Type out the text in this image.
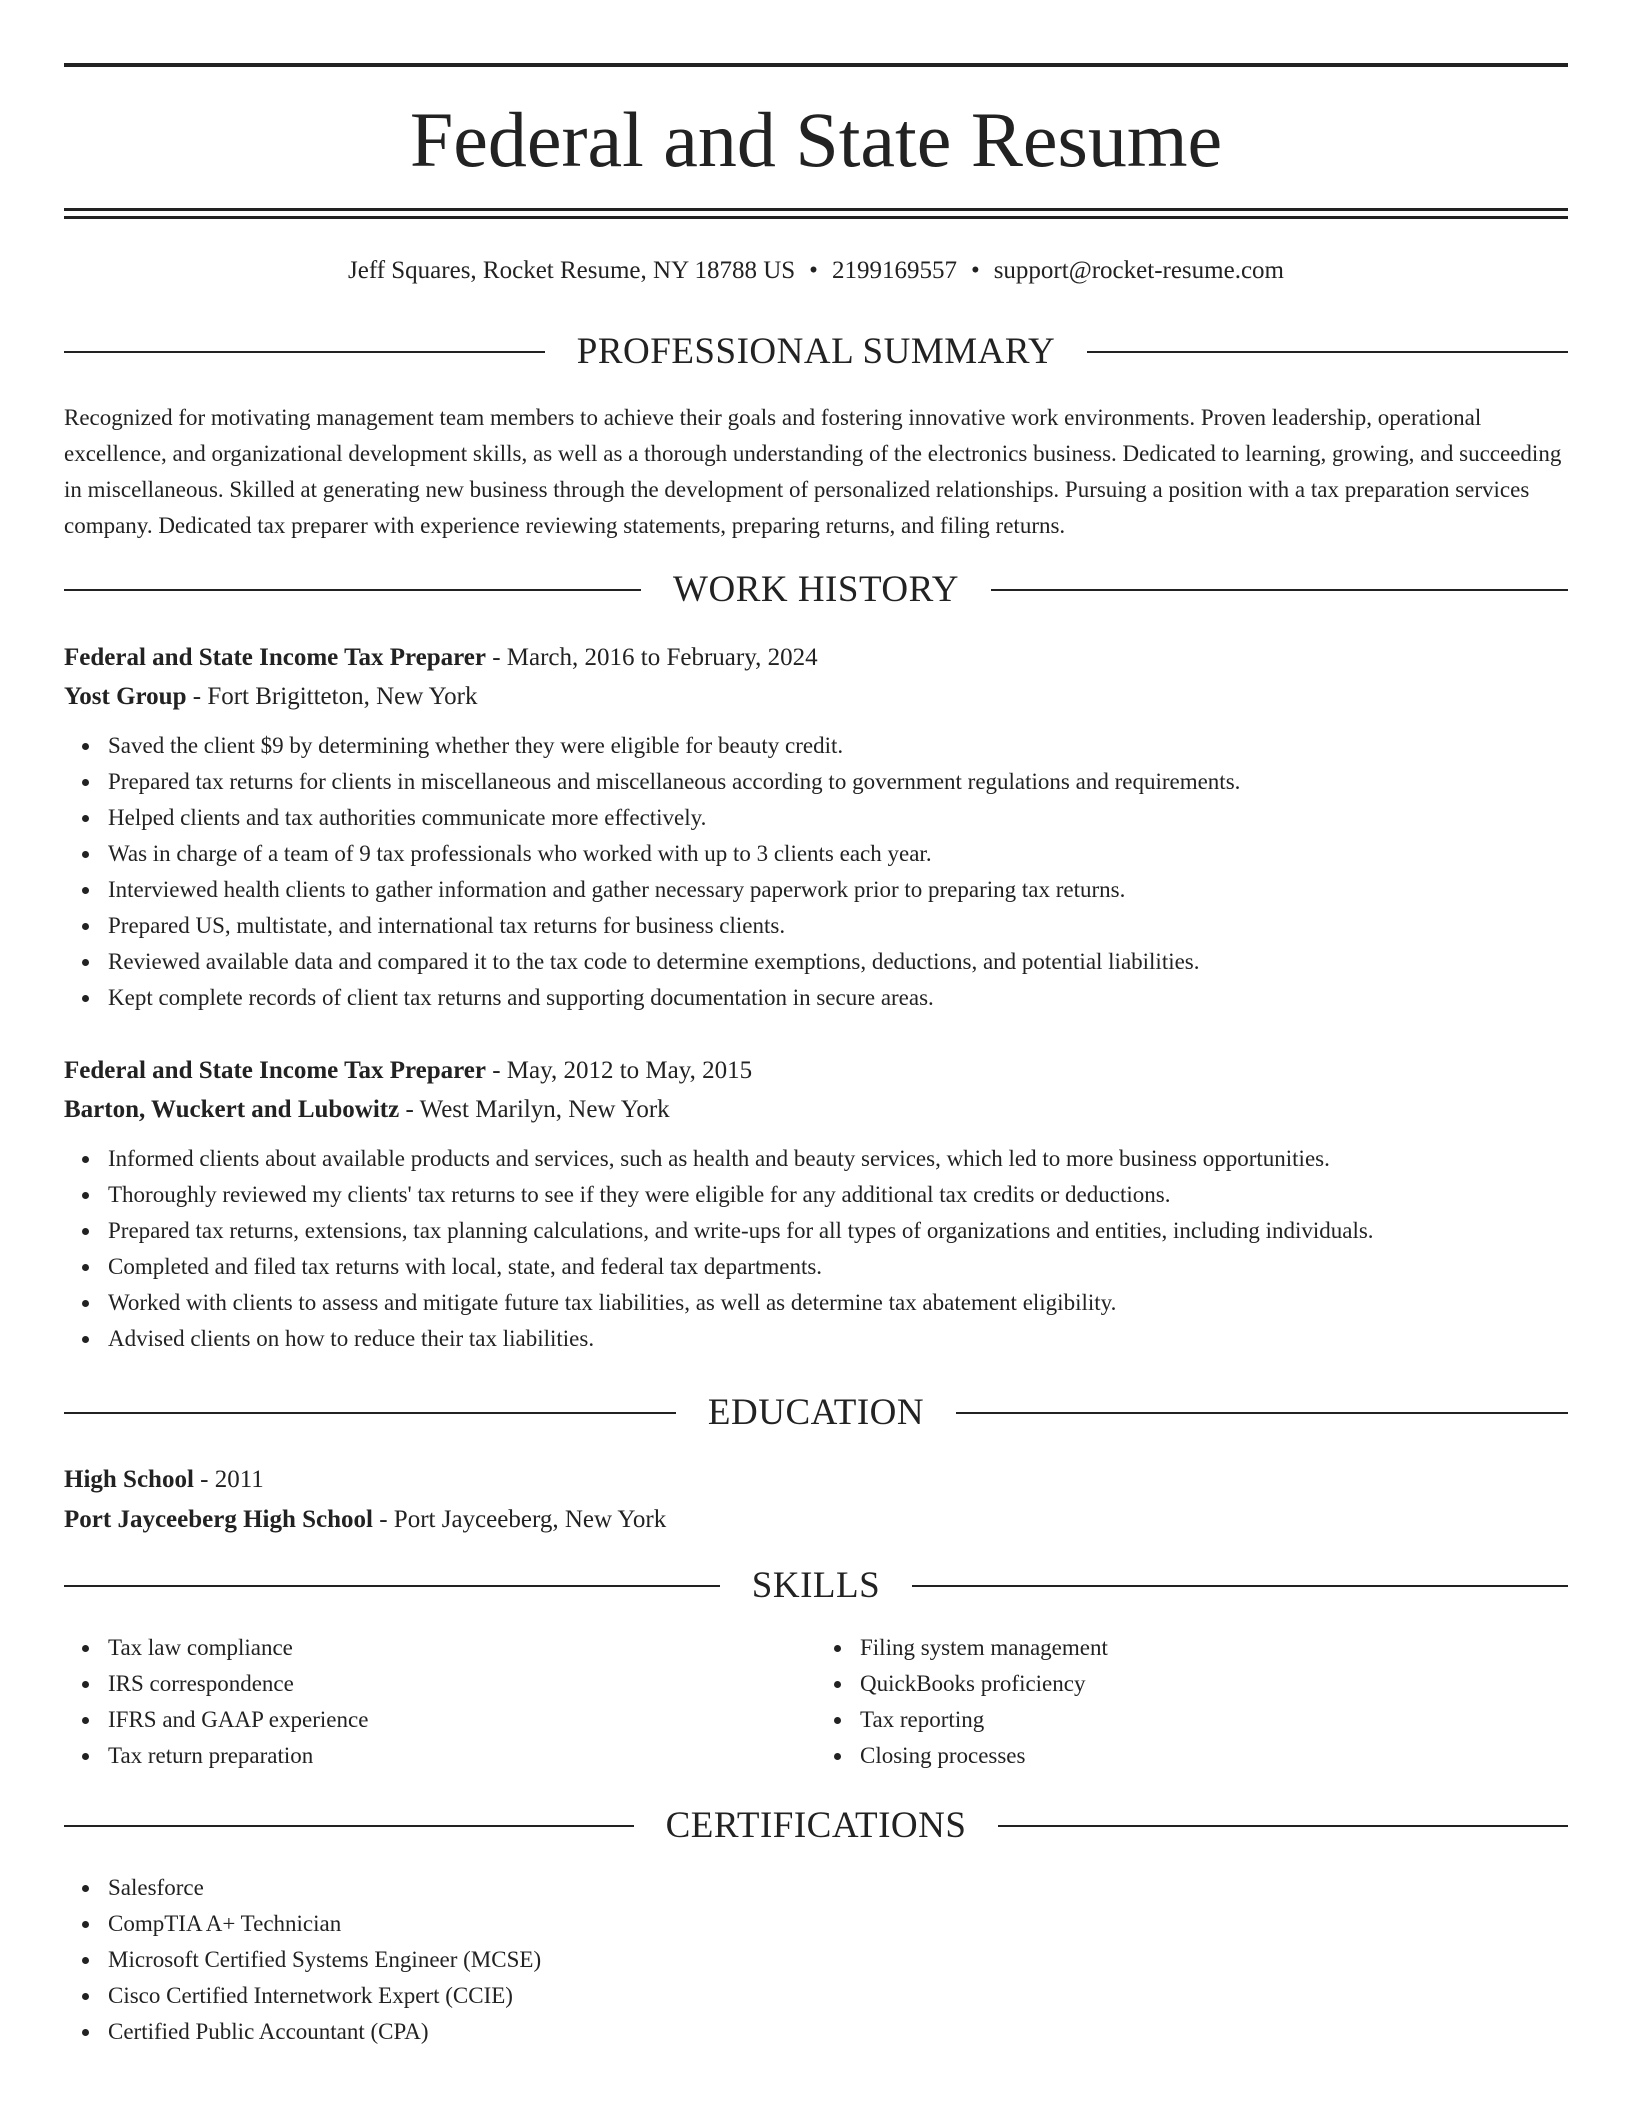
Federal and State Resume
Jeff Squares, Rocket Resume, NY 18788 US • 2199169557 • support@rocket-resume.com
PROFESSIONAL SUMMARY

Recognized for motivating management team members to achieve their goals and fostering innovative work environments. Proven leadership, operational excellence, and organizational development skills, as well as a thorough understanding of the electronics business. Dedicated to learning, growing, and succeeding in miscellaneous. Skilled at generating new business through the development of personalized relationships. Pursuing a position with a tax preparation services company. Dedicated tax preparer with experience reviewing statements, preparing returns, and filing returns.

WORK HISTORY
Federal and State Income Tax Preparer - March, 2016 to February, 2024
Yost Group - Fort Brigitteton, New York
Saved the client $9 by determining whether they were eligible for beauty credit.
Prepared tax returns for clients in miscellaneous and miscellaneous according to government regulations and requirements.
Helped clients and tax authorities communicate more effectively.
Was in charge of a team of 9 tax professionals who worked with up to 3 clients each year.
Interviewed health clients to gather information and gather necessary paperwork prior to preparing tax returns.
Prepared US, multistate, and international tax returns for business clients.
Reviewed available data and compared it to the tax code to determine exemptions, deductions, and potential liabilities.
Kept complete records of client tax returns and supporting documentation in secure areas.
Federal and State Income Tax Preparer - May, 2012 to May, 2015
Barton, Wuckert and Lubowitz - West Marilyn, New York
Informed clients about available products and services, such as health and beauty services, which led to more business opportunities.
Thoroughly reviewed my clients' tax returns to see if they were eligible for any additional tax credits or deductions.
Prepared tax returns, extensions, tax planning calculations, and write-ups for all types of organizations and entities, including individuals.
Completed and filed tax returns with local, state, and federal tax departments.
Worked with clients to assess and mitigate future tax liabilities, as well as determine tax abatement eligibility.
Advised clients on how to reduce their tax liabilities.
EDUCATION
High School - 2011
Port Jayceeberg High School - Port Jayceeberg, New York
SKILLS
Tax law compliance
IRS correspondence
IFRS and GAAP experience
Tax return preparation
Filing system management
QuickBooks proficiency
Tax reporting
Closing processes
CERTIFICATIONS
Salesforce
CompTIA A+ Technician
Microsoft Certified Systems Engineer (MCSE)
Cisco Certified Internetwork Expert (CCIE)
Certified Public Accountant (CPA)
